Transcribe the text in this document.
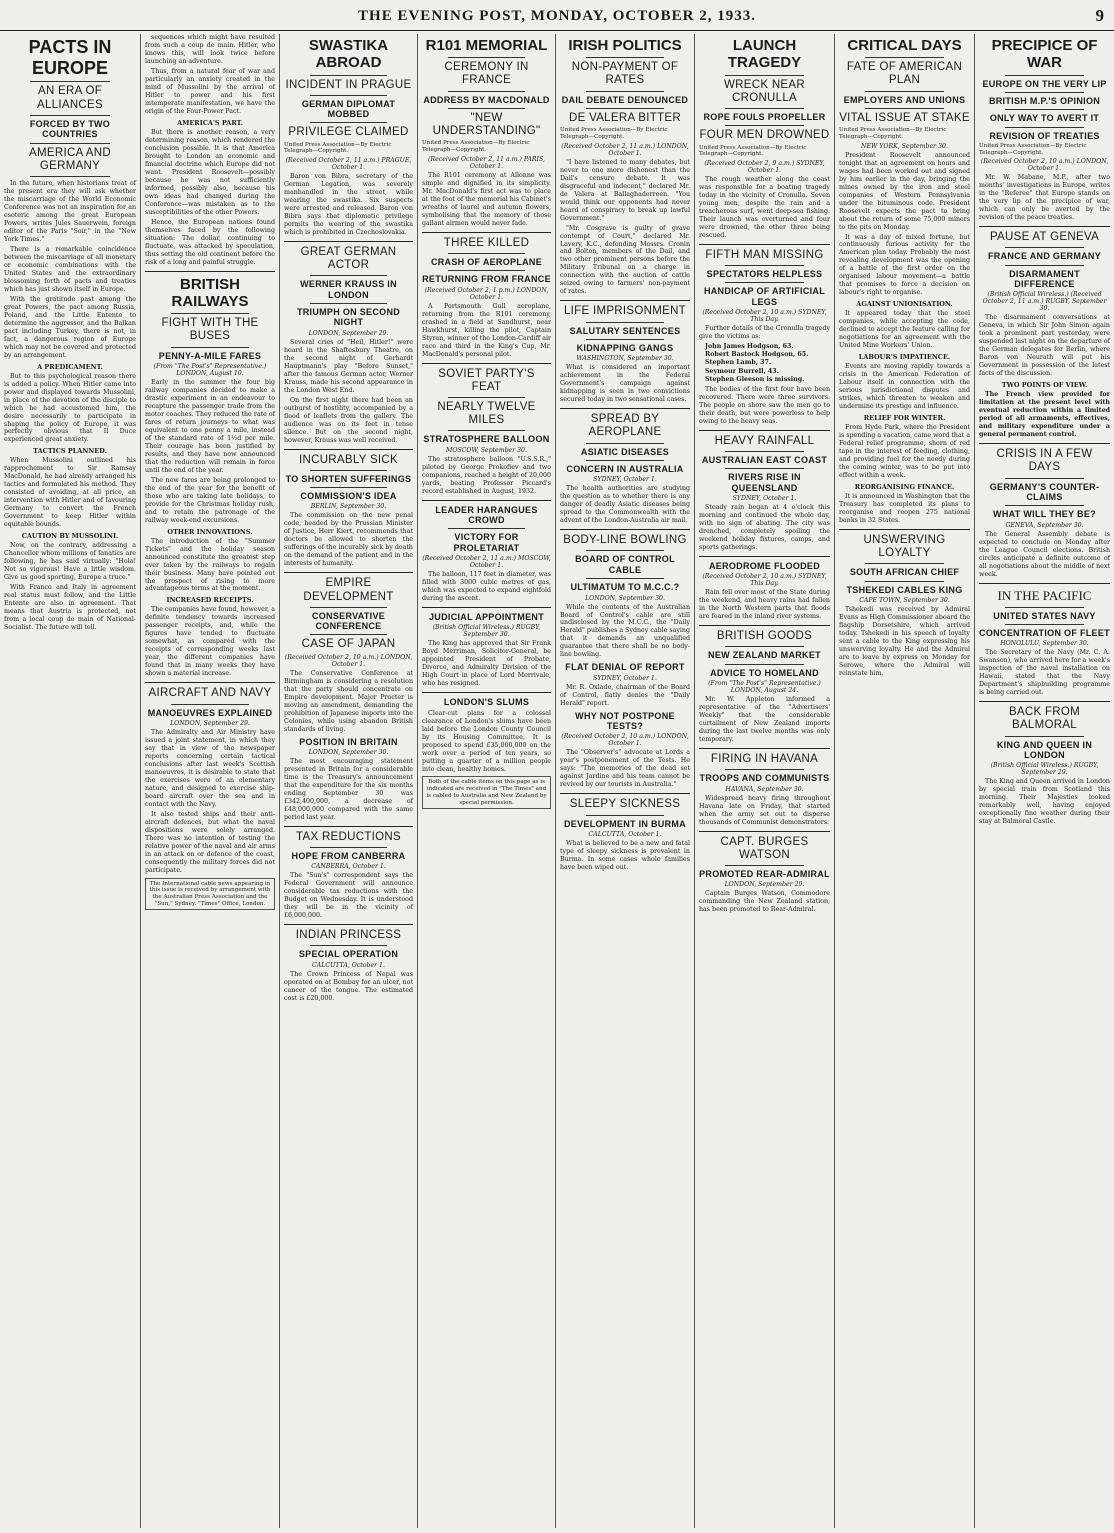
THE EVENING POST, MONDAY, OCTOBER 2, 1933.	9
PACTS IN EUROPE
AN ERA OF ALLIANCES
FORCED BY TWO COUNTRIES
AMERICA AND GERMANY

In the future, when historians treat of the present era they will ask whether the miscarriage of the World Economic Conference was not an inspiration for an esoteric among the great European Powers, writes Jules Sauerwein, foreign editor of the Paris "Soir," in the "New York Times."

There is a remarkable coincidence between the miscarriage of all monetary or economic combinations with the United States and the extraordinary blossoming forth of pacts and treaties which has just shown itself in Europe.

With the gratitude past among the great Powers, the pact among Russia, Poland, and the Little Entente to determine the aggressor, and the Balkan pact including Turkey, there is not, in fact, a dangerous region of Europe which may not be covered and protected by an arrangement.

A PREDICAMENT.

But to this psychological reason there is added a policy. When Hitler came into power and displayed towards Mussolini, in place of the devotion of the disciple to which he had accustomed him, the desire necessarily to participate in shaping the policy of Europe, it was perfectly obvious that Il Duce experienced great anxiety.

TACTICS PLANNED.

When Mussolini outlined his rapprochement to Sir Ramsay MacDonald, he had already arranged his tactics and formulated his method. They consisted of avoiding, at all price, an intervention with Hitler and of favouring Germany to convert the French Government to keep Hitler within equitable bounds.

CAUTION BY MUSSOLINI.

Now, on the contrary, addressing a Chancellor whom millions of fanatics are following, he has said virtually: "Hola! Not so vigorous! Have a little wisdom. Give us good sporting, Europe a truce."

With France and Italy in agreement real status must follow, and the Little Entente are also in agreement. That means that Austria is protected, not from a local coup de main of National-Socialist. The future will tell.

sequences which might have resulted from such a coup de main. Hitler, who knows this, will look twice before launching an adventure.

Thus, from a natural fear of war and particularly an anxiety created in the mind of Mussolini by the arrival of Hitler to power and his first intemperate manifestation, we have the origin of the Four-Power Pact.

AMERICA'S PART.

But there is another reason, a very determining reason, which rendered the conclusion possible. It is that America brought to London an economic and financial doctrine which Europe did not want. President Roosevelt—possibly because he was not sufficiently informed, possibly also, because his own ideas had changed during the Conference—was mistaken as to the susceptibilities of the other Powers.

Hence, the European nations found themselves faced by the following situation: The dollar, continuing to fluctuate, was attacked by speculation, thus setting the old continent before the risk of a long and painful struggle.

BRITISH RAILWAYS
FIGHT WITH THE BUSES
PENNY-A-MILE FARES
(From "The Post's" Representative.) LONDON, August 10.

Early in the summer the four big railway companies decided to make a drastic experiment in an endeavour to recapture the passenger trade from the motor coaches. They reduced the rate of fares of return journeys to what was equivalent to one penny a mile, instead of the standard rate of 1½d per mile. Their courage has been justified by results, and they have now announced that the reduction will remain in force until the end of the year.

The new fares are being prolonged to the end of the year for the benefit of those who are taking late holidays, to provide for the Christmas holiday rush, and to retain the patronage of the railway week-end excursions.

OTHER INNOVATIONS.

The introduction of the "Summer Tickets" and the holiday season announced constitute the greatest step ever taken by the railways to regain their business. Many have pointed out the prospect of rising to more advantageous terms at the moment.

INCREASED RECEIPTS.

The companies have found, however, a definite tendency towards increased passenger receipts, and, while the figures have tended to fluctuate somewhat, as compared with the receipts of corresponding weeks last year, the different companies have found that in many weeks they have shown a material increase.

AIRCRAFT AND NAVY
MANOEUVRES EXPLAINED
LONDON, September 29.

The Admiralty and Air Ministry have issued a joint statement, in which they say that in view of the newspaper reports concerning certain tactical conclusions after last week's Scottish manoeuvres, it is desirable to state that the exercises were of an elementary nature, and designed to exercise ship-board aircraft over the sea and in contact with the Navy.

It also tested ships and their anti-aircraft defences, but what the naval dispositions were solely arranged. There was no intention of testing the relative power of the naval and air arms in an attack on or defence of the coast, consequently the military forces did not participate.

The International cable news appearing in this issue is received by arrangement with the Australian Press Association and the "Sun," Sydney. "Times" Office, London.
SWASTIKA ABROAD
INCIDENT IN PRAGUE
GERMAN DIPLOMAT MOBBED
PRIVILEGE CLAIMED
United Press Association—By Electric Telegraph—Copyright.
(Received October 2, 11 a.m.) PRAGUE, October 1.

Baron von Bibra, secretary of the German Legation, was severely manhandled in the street, while wearing the swastika. Six suspects were arrested and released. Baron von Bibra says that diplomatic privilege permits the wearing of the swastika which is prohibited in Czechoslovakia.

GREAT GERMAN ACTOR
WERNER KRAUSS IN LONDON
TRIUMPH ON SECOND NIGHT
LONDON, September 29.

Several cries of "Heil, Hitler!" were heard in the Shaftesbury Theatre, on the second night of Gerhardt Hauptmann's play "Before Sunset," after the famous German actor, Werner Krauss, made his second appearance in the London West End.

On the first night there had been an outburst of hostility, accompanied by a flood of leaflets from the gallery. The audience was on its feet in tense silence. But on the second night, however, Krauss was well received.

INCURABLY SICK
TO SHORTEN SUFFERINGS
COMMISSION'S IDEA
BERLIN, September 30.

The commission on the new penal code, headed by the Prussian Minister of Justice, Herr Kiert, recommends that doctors be allowed to shorten the sufferings of the incurably sick by death on the demand of the patient and in the interests of humanity.

EMPIRE DEVELOPMENT
CONSERVATIVE CONFERENCE
CASE OF JAPAN
(Received October 2, 10 a.m.) LONDON, October 1.

The Conservative Conference at Birmingham is considering a resolution that the party should concentrate on Empire development. Major Procter is moving an amendment, demanding the prohibition of Japanese imports into the Colonies, while using abandon British standards of living.

POSITION IN BRITAIN
LONDON, September 30.

The most encouraging statement presented in Britain for a considerable time is the Treasury's announcement that the expenditure for the six months ending September 30 was £342,400,000, a decrease of £48,000,000 compared with the same period last year.

TAX REDUCTIONS
HOPE FROM CANBERRA
CANBERRA, October 1.

The "Sun's" correspondent says the Federal Government will announce considerable tax reductions with the Budget on Wednesday. It is understood they will be in the vicinity of £6,000,000.

INDIAN PRINCESS
SPECIAL OPERATION
CALCUTTA, October 1.

The Crown Princess of Nepal was operated on at Bombay for an ulcer, not cancer of the tongue. The estimated cost is £20,000.

R101 MEMORIAL
CEREMONY IN FRANCE
ADDRESS BY MACDONALD
"NEW UNDERSTANDING"
United Press Association—By Electric Telegraph—Copyright.
(Received October 2, 11 a.m.) PARIS, October 1.

The R101 ceremony at Allonne was simple and dignified in its simplicity. Mr. MacDonald's first act was to place at the foot of the memorial his Cabinet's wreaths of laurel and autumn flowers, symbolising that the memory of those gallant airmen would never fade.

THREE KILLED
CRASH OF AEROPLANE
RETURNING FROM FRANCE
(Received October 2, 1 p.m.) LONDON, October 1.

A Portsmouth Gull aeroplane, returning from the R101 ceremony, crashed in a field at Sandhurst, near Hawkhurst, killing the pilot, Captain Styran, winner of the London-Cardiff air race and third in the King's Cup, Mr. MacDonald's personal pilot.

SOVIET PARTY'S FEAT
NEARLY TWELVE MILES
STRATOSPHERE BALLOON
MOSCOW, September 30.

The stratosphere balloon "U.S.S.R.," piloted by George Prokofiev and two companions, reached a height of 20,000 yards, beating Professor Piccard's record established in August, 1932.

LEADER HARANGUES CROWD
VICTORY FOR PROLETARIAT
(Received October 2, 11 a.m.) MOSCOW, October 1.

The balloon, 117 feet in diameter, was filled with 3000 cubic metres of gas, which was expected to expand eightfold during the ascent.

JUDICIAL APPOINTMENT
(British Official Wireless.) RUGBY, September 30.

The King has approved that Sir Frank Boyd Merriman, Solicitor-General, be appointed President of Probate, Divorce, and Admiralty Division of the High Court in place of Lord Merrivale, who has resigned.

LONDON'S SLUMS

Clear-cut plans for a colossal clearance of London's slums have been laid before the London County Council by its Housing Committee. It is proposed to spend £35,000,000 on the work over a period of ten years, so putting a quarter of a million people into clean, healthy homes.

Both of the cable items on this page as is indicated are received in "The Times" and is cabled to Australia and New Zealand by special permission.
IRISH POLITICS
NON-PAYMENT OF RATES
DAIL DEBATE DENOUNCED
DE VALERA BITTER
United Press Association—By Electric Telegraph—Copyright.
(Received October 2, 11 a.m.) LONDON, October 1.

"I have listened to many debates, but never to one more dishonest than the Dail's censure debate. It was disgraceful and indecent," declared Mr. de Valera at Ballaghaderreen. "You would think our opponents had never heard of conspiracy to break up lawful Government."

"Mr. Cosgrave is guilty of grave contempt of Court," declared Mr. Lavery, K.C., defending Messrs. Cronin and Bolton, members of the Dail, and two other prominent persons before the Military Tribunal on a charge in connection with the auction of cattle seized owing to farmers' non-payment of rates.

LIFE IMPRISONMENT
SALUTARY SENTENCES
KIDNAPPING GANGS
WASHINGTON, September 30.

What is considered an important achievement in the Federal Government's campaign against kidnapping is seen in two convictions secured today in two sensational cases.

SPREAD BY AEROPLANE
ASIATIC DISEASES
CONCERN IN AUSTRALIA
SYDNEY, October 1.

The health authorities are studying the question as to whether there is any danger of deadly Asiatic diseases being spread to the Commonwealth with the advent of the London-Australia air mail.

BODY-LINE BOWLING
BOARD OF CONTROL CABLE
ULTIMATUM TO M.C.C.?
LONDON, September 30.

While the contents of the Australian Board of Control's cable are still undisclosed by the M.C.C., the "Daily Herald" publishes a Sydney cable saying that it demands an unqualified guarantee that there shall be no body-line bowling.

FLAT DENIAL OF REPORT
SYDNEY, October 1.

Mr. R. Oxlade, chairman of the Board of Control, flatly denies the "Daily Herald" report.

WHY NOT POSTPONE TESTS?
(Received October 2, 10 a.m.) LONDON, October 1.

The "Observer's" advocate at Lords a year's postponement of the Tests. He says: "The memories of the dead set against Jardine and his team cannot be revived by our tourists in Australia."

SLEEPY SICKNESS
DEVELOPMENT IN BURMA
CALCUTTA, October 1.

What is believed to be a new and fatal type of sleepy sickness is prevalent in Burma. In some cases whole families have been wiped out.

LAUNCH TRAGEDY
WRECK NEAR CRONULLA
ROPE FOULS PROPELLER
FOUR MEN DROWNED
United Press Association—By Electric Telegraph—Copyright.
(Received October 2, 9 a.m.) SYDNEY, October 1.

The rough weather along the coast was responsible for a boating tragedy today in the vicinity of Cronulla. Seven young men, despite the rain and a treacherous surf, went deep-sea fishing. Their launch was overturned and four were drowned, the other three being rescued.

FIFTH MAN MISSING
SPECTATORS HELPLESS
HANDICAP OF ARTIFICIAL LEGS
(Received October 2, 10 a.m.) SYDNEY, This Day.

Further details of the Cronulla tragedy give the victims as:

John James Hodgson, 63.
Robert Bastock Hodgson, 65.
Stephen Lamb, 37.
Seymour Burrell, 43.
Stephen Gleeson is missing.

The bodies of the first four have been recovered. There were three survivors. The people on shore saw the men go to their death, but were powerless to help owing to the heavy seas.

HEAVY RAINFALL
AUSTRALIAN EAST COAST
RIVERS RISE IN QUEENSLAND
SYDNEY, October 1.

Steady rain began at 4 o'clock this morning and continued the whole day, with no sign of abating. The city was drenched, completely spoiling the weekend holiday fixtures, camps, and sports gatherings.

AERODROME FLOODED
(Received October 2, 10 a.m.) SYDNEY, This Day.

Rain fell over most of the State during the weekend, and heavy rains had fallen in the North Western parts that floods are feared in the inland river systems.

BRITISH GOODS
NEW ZEALAND MARKET
ADVICE TO HOMELAND
(From "The Post's" Representative.) LONDON, August 24.

Mr. W. Appleton informed a representative of the "Advertisers' Weekly" that the considerable curtailment of New Zealand imports during the last twelve months was only temporary.

FIRING IN HAVANA
TROOPS AND COMMUNISTS
HAVANA, September 30.

Widespread heavy firing throughout Havana late on Friday, that started when the army set out to disperse thousands of Communist demonstrators.

CAPT. BURGES WATSON
PROMOTED REAR-ADMIRAL
LONDON, September 29.

Captain Burges Watson, Commodore commanding the New Zealand station, has been promoted to Rear-Admiral.

CRITICAL DAYS
FATE OF AMERICAN PLAN
EMPLOYERS AND UNIONS
VITAL ISSUE AT STAKE
United Press Association—By Electric Telegraph—Copyright.
NEW YORK, September 30.

President Roosevelt announced tonight that an agreement on hours and wages had been worked out and signed by him earlier in the day, bringing the mines owned by the iron and steel companies of Western Pennsylvania under the bituminous code. President Roosevelt expects the pact to bring about the return of some 75,000 miners to the pits on Monday.

It was a day of mixed fortune, but continuously furious activity for the American plan today. Probably the most revealing development was the opening of a battle of the first order on the organised labour movement—a battle that promises to force a decision on labour's right to organise.

AGAINST UNIONISATION.

It appeared today that the steel companies, while accepting the code, declined to accept the feature calling for negotiations for an agreement with the United Mine Workers' Union.

LABOUR'S IMPATIENCE.

Events are moving rapidly towards a crisis in the American Federation of Labour itself in connection with the serious jurisdictional disputes and strikes, which threaten to weaken and undermine its prestige and influence.

RELIEF FOR WINTER.

From Hyde Park, where the President is spending a vacation, came word that a Federal relief programme, shorn of red tape in the interest of feeding, clothing, and providing fuel for the needy during the coming winter, was to be put into effect within a week.

REORGANISING FINANCE.

It is announced in Washington that the Treasury has completed its plans to reorganise and reopen 275 national banks in 32 States.

UNSWERVING LOYALTY
SOUTH AFRICAN CHIEF
TSHEKEDI CABLES KING
CAPE TOWN, September 30.

Tshekedi was received by Admiral Evans as High Commissioner aboard the flagship Dorsetshire, which arrived today. Tshekedi in his speech of loyalty sent a cable to the King expressing his unswerving loyalty. He and the Admiral are to leave by express on Monday for Serowe, where the Admiral will reinstate him.

PRECIPICE OF WAR
EUROPE ON THE VERY LIP
BRITISH M.P.'S OPINION
ONLY WAY TO AVERT IT
REVISION OF TREATIES
United Press Association—By Electric Telegraph—Copyright.
(Received October 2, 10 a.m.) LONDON, October 1.

Mr. W. Mabane, M.P., after two months' investigations in Europe, writes in the "Referee" that Europe stands on the very lip of the precipice of war, which can only be averted by the revision of the peace treaties.

PAUSE AT GENEVA
FRANCE AND GERMANY
DISARMAMENT DIFFERENCE
(British Official Wireless.) (Received October 2, 11 a.m.) RUGBY, September 30.

The disarmament conversations at Geneva, in which Sir John Simon again took a prominent part yesterday, were suspended last night on the departure of the German delegates for Berlin, where Baron von Neurath will put his Government in possession of the latest facts of the discussion.

TWO POINTS OF VIEW.

The French view provided for limitation at the present level with eventual reduction within a limited period of all armaments, effectives, and military expenditure under a general permanent control.

CRISIS IN A FEW DAYS
GERMANY'S COUNTER-CLAIMS
WHAT WILL THEY BE?
GENEVA, September 30.

The General Assembly debate is expected to conclude on Monday after the League Council elections. British circles anticipate a definite outcome of all negotiations about the middle of next week.

IN THE PACIFIC
UNITED STATES NAVY
CONCENTRATION OF FLEET
HONOLULU, September 30.

The Secretary of the Navy (Mr. C. A. Swanson), who arrived here for a week's inspection of the naval installation on Hawaii, stated that the Navy Department's shipbuilding programme is being carried out.

BACK FROM BALMORAL
KING AND QUEEN IN LONDON
(British Official Wireless.) RUGBY, September 29.

The King and Queen arrived in London by special train from Scotland this morning. Their Majesties looked remarkably well, having enjoyed exceptionally fine weather during their stay at Balmoral Castle.
